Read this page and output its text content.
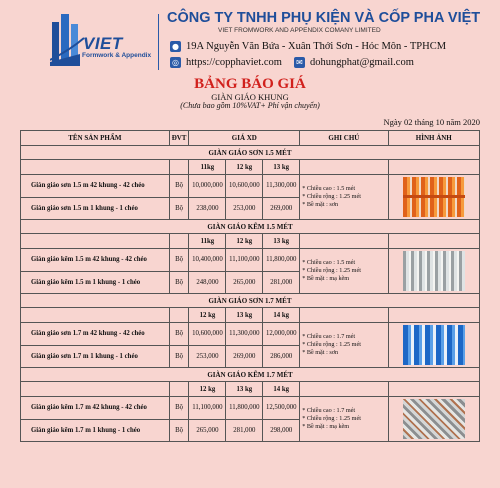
VIET
Formwork & Appendix
CÔNG TY TNHH PHỤ KIỆN VÀ CỐP PHA VIỆT
VIET FROMWORK AND APPENDIX COMANY LIMITED
● 19A Nguyễn Văn Bứa - Xuân Thới Sơn - Hóc Môn - TPHCM
◎ https://copphaviet.com ✉ dohungphat@gmail.com
BẢNG BÁO GIÁ
GIÀN GIÁO KHUNG
(Chưa bao gồm 10%VAT+ Phí vận chuyển)
Ngày 02 tháng 10 năm 2020
TÊN SẢN PHẨM	ĐVT	GIÁ XD			GHI CHÚ	HÌNH ẢNH
GIÀN GIÁO SƠN 1.5 MÉT						
		11kg	12 kg	13 kg		
Giàn giáo sơn 1.5 m 42 khung - 42 chéo	Bộ	10,000,000	10,600,000	11,300,000	* Chiều cao : 1.5 mét
* Chiều rộng : 1.25 mét
* Bề mặt : sơn	

Giàn giáo sơn 1.5 m 1 khung - 1 chéo	Bộ	238,000	253,000	269,000		
GIÀN GIÁO KẼM 1.5 MÉT						
		11kg	12 kg	13 kg		
Giàn giáo kẽm 1.5 m 42 khung - 42 chéo	Bộ	10,400,000	11,100,000	11,800,000	* Chiều cao : 1.5 mét
* Chiều rộng : 1.25 mét
* Bề mặt : mạ kẽm	

Giàn giáo kẽm 1.5 m 1 khung - 1 chéo	Bộ	248,000	265,000	281,000		
GIÀN GIÁO SƠN 1.7 MÉT						
		12 kg	13 kg	14 kg		
Giàn giáo sơn 1.7 m 42 khung - 42 chéo	Bộ	10,600,000	11,300,000	12,000,000	* Chiều cao : 1.7 mét
* Chiều rộng : 1.25 mét
* Bề mặt : sơn	

Giàn giáo sơn 1.7 m 1 khung - 1 chéo	Bộ	253,000	269,000	286,000		
GIÀN GIÁO KẼM 1.7 MÉT						
		12 kg	13 kg	14 kg		
Giàn giáo kẽm 1.7 m 42 khung - 42 chéo	Bộ	11,100,000	11,800,000	12,500,000	* Chiều cao : 1.7 mét
* Chiều rộng : 1.25 mét
* Bề mặt : mạ kẽm	

Giàn giáo kẽm 1.7 m 1 khung - 1 chéo	Bộ	265,000	281,000	298,000		
